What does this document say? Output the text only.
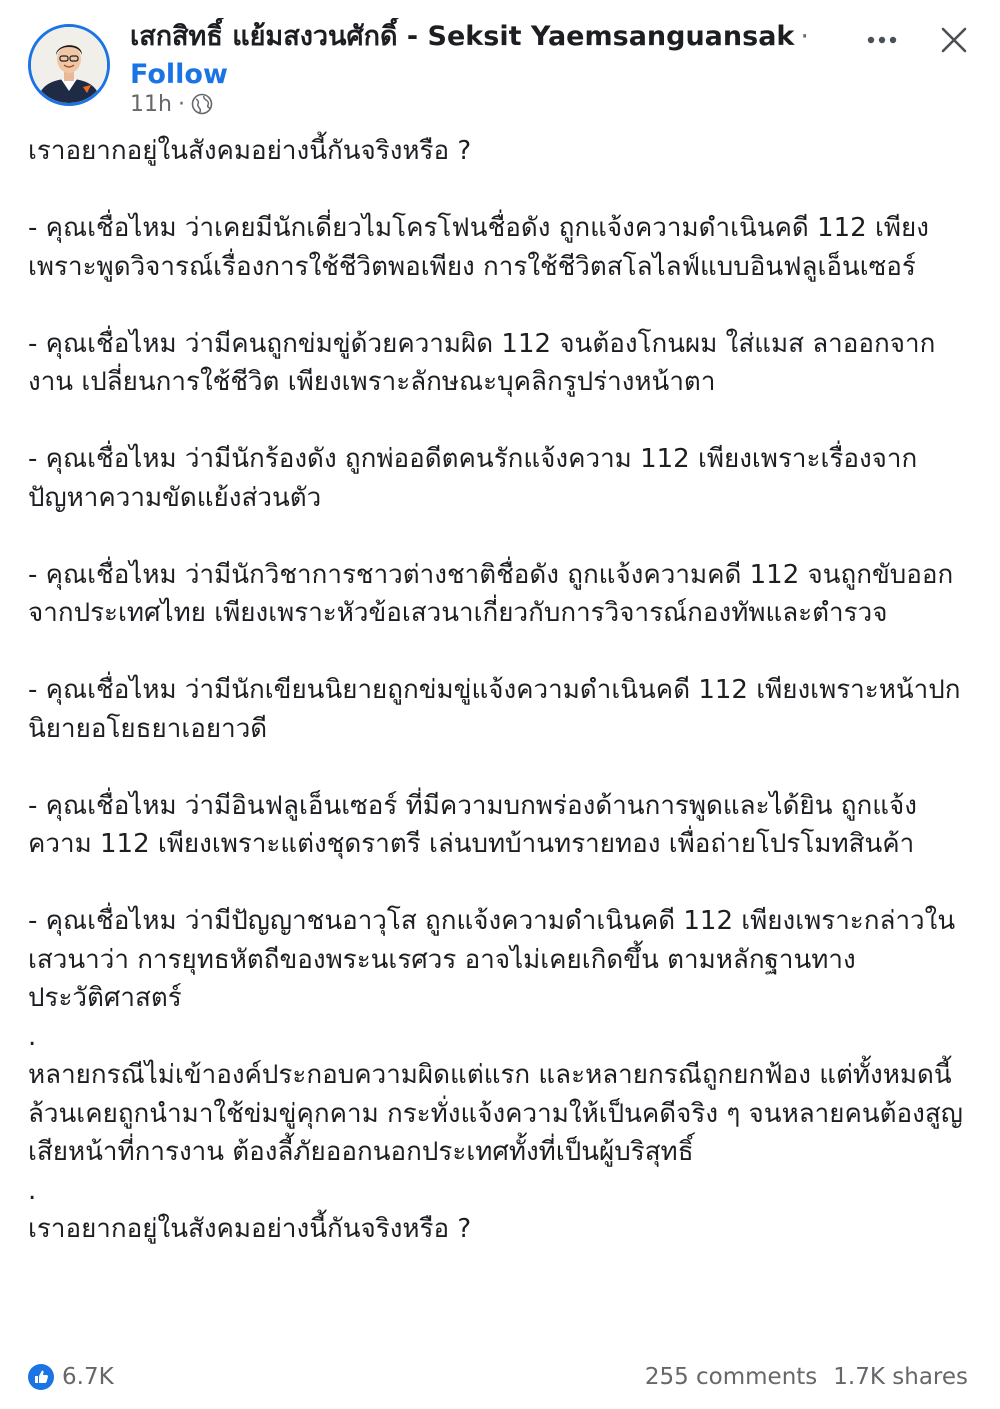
เสกสิทธิ์ แย้มสงวนศักดิ์ - Seksit Yaemsanguansak ·
Follow
11h ·

เราอยากอยู่ในสังคมอย่างนี้กันจริงหรือ ?

- คุณเชื่อไหม ว่าเคยมีนักเดี่ยวไมโครโฟนชื่อดัง ถูกแจ้งความดำเนินคดี 112 เพียงเพราะพูดวิจารณ์เรื่องการใช้ชีวิตพอเพียง การใช้ชีวิตสโลไลฟ์แบบอินฟลูเอ็นเซอร์

- คุณเชื่อไหม ว่ามีคนถูกข่มขู่ด้วยความผิด 112 จนต้องโกนผม ใส่แมส ลาออกจากงาน เปลี่ยนการใช้ชีวิต เพียงเพราะลักษณะบุคลิกรูปร่างหน้าตา

- คุณเชื่อไหม ว่ามีนักร้องดัง ถูกพ่ออดีตคนรักแจ้งความ 112 เพียงเพราะเรื่องจากปัญหาความขัดแย้งส่วนตัว

- คุณเชื่อไหม ว่ามีนักวิชาการชาวต่างชาติชื่อดัง ถูกแจ้งความคดี 112 จนถูกขับออกจากประเทศไทย เพียงเพราะหัวข้อเสวนาเกี่ยวกับการวิจารณ์กองทัพและตำรวจ

- คุณเชื่อไหม ว่ามีนักเขียนนิยายถูกข่มขู่แจ้งความดำเนินคดี 112 เพียงเพราะหน้าปกนิยายอโยธยาเอยาวดี

- คุณเชื่อไหม ว่ามีอินฟลูเอ็นเซอร์ ที่มีความบกพร่องด้านการพูดและได้ยิน ถูกแจ้งความ 112 เพียงเพราะแต่งชุดราตรี เล่นบทบ้านทรายทอง เพื่อถ่ายโปรโมทสินค้า

- คุณเชื่อไหม ว่ามีปัญญาชนอาวุโส ถูกแจ้งความดำเนินคดี 112 เพียงเพราะกล่าวในเสวนาว่า การยุทธหัตถีของพระนเรศวร อาจไม่เคยเกิดขึ้น ตามหลักฐานทางประวัติศาสตร์

.

หลายกรณีไม่เข้าองค์ประกอบความผิดแต่แรก และหลายกรณีถูกยกฟ้อง แต่ทั้งหมดนี้ล้วนเคยถูกนำมาใช้ข่มขู่คุกคาม กระทั่งแจ้งความให้เป็นคดีจริง ๆ จนหลายคนต้องสูญเสียหน้าที่การงาน ต้องลี้ภัยออกนอกประเทศทั้งที่เป็นผู้บริสุทธิ์

.

เราอยากอยู่ในสังคมอย่างนี้กันจริงหรือ ?

6.7K	255 comments 1.7K shares
